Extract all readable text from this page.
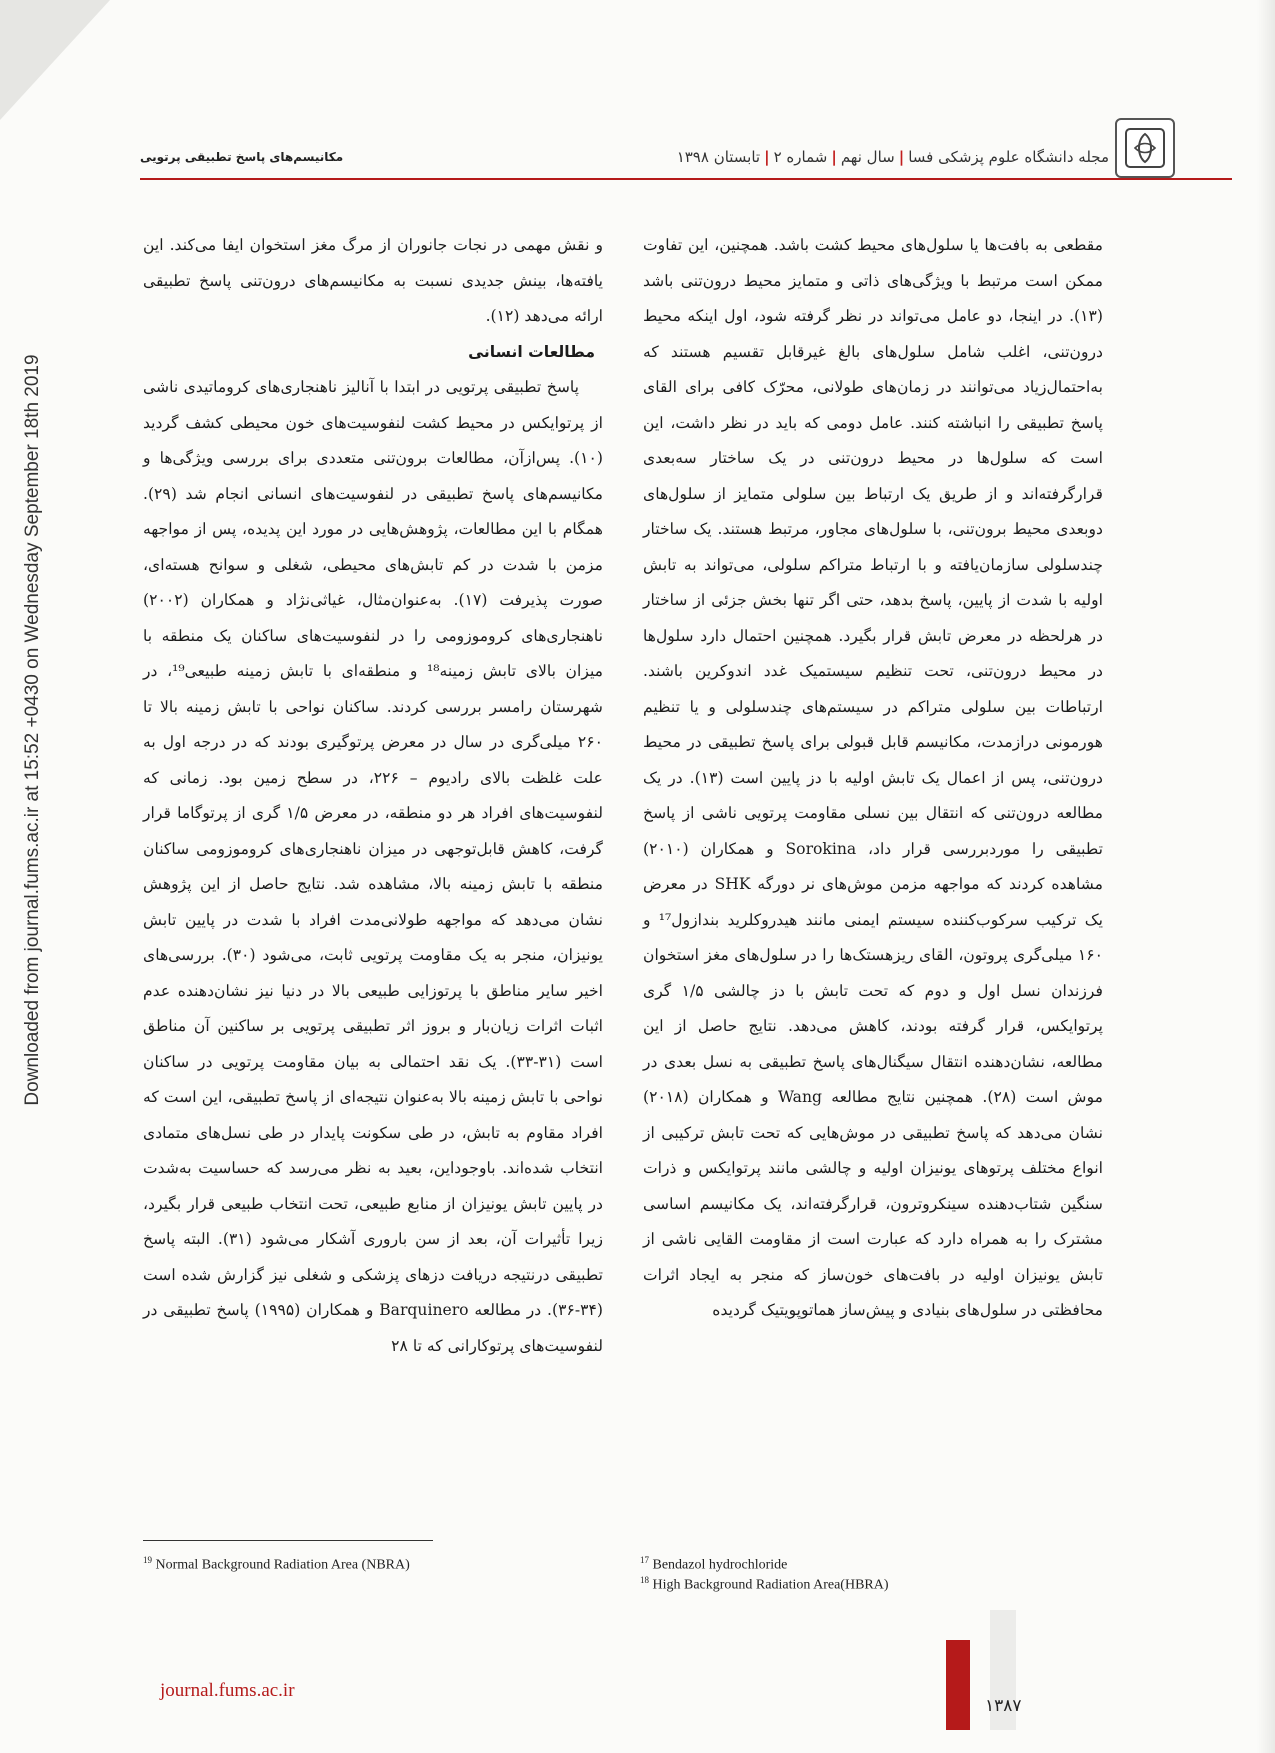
مجله دانشگاه علوم پزشکی فسا|سال نهم|شماره ۲|تابستان ۱۳۹۸
مکانیسم‌های پاسخ تطبیقی پرتویی

مقطعی به بافت‌ها یا سلول‌های محیط کشت باشد. همچنین، این تفاوت ممکن است مرتبط با ویژگی‌های ذاتی و متمایز محیط درون‌تنی باشد (۱۳). در اینجا، دو عامل می‌تواند در نظر گرفته شود، اول اینکه محیط درون‌تنی، اغلب شامل سلول‌های بالغ غیرقابل تقسیم هستند که به‌احتمال‌زیاد می‌توانند در زمان‌های طولانی، محرّک کافی برای القای پاسخ تطبیقی را انباشته کنند. عامل دومی که باید در نظر داشت، این است که سلول‌ها در محیط درون‌تنی در یک ساختار سه‌بعدی قرارگرفته‌اند و از طریق یک ارتباط بین سلولی متمایز از سلول‌های دوبعدی محیط برون‌تنی، با سلول‌های مجاور، مرتبط هستند. یک ساختار چندسلولی سازمان‌یافته و با ارتباط متراکم سلولی، می‌تواند به تابش اولیه با شدت از پایین، پاسخ بدهد، حتی اگر تنها بخش جزئی از ساختار در هرلحظه در معرض تابش قرار بگیرد. همچنین احتمال دارد سلول‌ها در محیط درون‌تنی، تحت تنظیم سیستمیک غدد اندوکرین باشند. ارتباطات بین سلولی متراکم در سیستم‌های چندسلولی و یا تنظیم هورمونی درازمدت، مکانیسم قابل قبولی برای پاسخ تطبیقی در محیط درون‌تنی، پس از اعمال یک تابش اولیه با دز پایین است (۱۳). در یک مطالعه درون‌تنی که انتقال بین نسلی مقاومت پرتویی ناشی از پاسخ تطبیقی را موردبررسی قرار داد، Sorokina و همکاران (۲۰۱۰) مشاهده کردند که مواجهه مزمن موش‌های نر دورگه SHK در معرض یک ترکیب سرکوب‌کننده سیستم ایمنی مانند هیدروکلرید بندازول¹⁷ و ۱۶۰ میلی‌گری پروتون، القای ریزهستک‌ها را در سلول‌های مغز استخوان فرزندان نسل اول و دوم که تحت تابش با دز چالشی ۱/۵ گری پرتوایکس، قرار گرفته بودند، کاهش می‌دهد. نتایج حاصل از این مطالعه، نشان‌دهنده انتقال سیگنال‌های پاسخ تطبیقی به نسل بعدی در موش است (۲۸). همچنین نتایج مطالعه Wang و همکاران (۲۰۱۸) نشان می‌دهد که پاسخ تطبیقی در موش‌هایی که تحت تابش ترکیبی از انواع مختلف پرتوهای یونیزان اولیه و چالشی مانند پرتوایکس و ذرات سنگین شتاب‌دهنده سینکروترون، قرارگرفته‌اند، یک مکانیسم اساسی مشترک را به همراه دارد که عبارت است از مقاومت القایی ناشی از تابش یونیزان اولیه در بافت‌های خون‌ساز که منجر به ایجاد اثرات محافظتی در سلول‌های بنیادی و پیش‌ساز هماتوپویتیک گردیده

و نقش مهمی در نجات جانوران از مرگ مغز استخوان ایفا می‌کند. این یافته‌ها، بینش جدیدی نسبت به مکانیسم‌های درون‌تنی پاسخ تطبیقی ارائه می‌دهد (۱۲).

مطالعات انسانی

پاسخ تطبیقی پرتویی در ابتدا با آنالیز ناهنجاری‌های کروماتیدی ناشی از پرتوایکس در محیط کشت لنفوسیت‌های خون محیطی کشف گردید (۱۰). پس‌ازآن، مطالعات برون‌تنی متعددی برای بررسی ویژگی‌ها و مکانیسم‌های پاسخ تطبیقی در لنفوسیت‌های انسانی انجام شد (۲۹). همگام با این مطالعات، پژوهش‌هایی در مورد این پدیده، پس از مواجهه مزمن با شدت در کم تابش‌های محیطی، شغلی و سوانح هسته‌ای، صورت پذیرفت (۱۷). به‌عنوان‌مثال، غیاثی‌نژاد و همکاران (۲۰۰۲) ناهنجاری‌های کروموزومی را در لنفوسیت‌های ساکنان یک منطقه با میزان بالای تابش زمینه¹⁸ و منطقه‌ای با تابش زمینه طبیعی¹⁹، در شهرستان رامسر بررسی کردند. ساکنان نواحی با تابش زمینه بالا تا ۲۶۰ میلی‌گری در سال در معرض پرتوگیری بودند که در درجه اول به علت غلظت بالای رادیوم – ۲۲۶، در سطح زمین بود. زمانی که لنفوسیت‌های افراد هر دو منطقه، در معرض ۱/۵ گری از پرتوگاما قرار گرفت، کاهش قابل‌توجهی در میزان ناهنجاری‌های کروموزومی ساکنان منطقه با تابش زمینه بالا، مشاهده شد. نتایج حاصل از این پژوهش نشان می‌دهد که مواجهه طولانی‌مدت افراد با شدت در پایین تابش یونیزان، منجر به یک مقاومت پرتویی ثابت، می‌شود (۳۰). بررسی‌های اخیر سایر مناطق با پرتوزایی طبیعی بالا در دنیا نیز نشان‌دهنده عدم اثبات اثرات زیان‌بار و بروز اثر تطبیقی پرتویی بر ساکنین آن مناطق است (۳۱-۳۳). یک نقد احتمالی به بیان مقاومت پرتویی در ساکنان نواحی با تابش زمینه بالا به‌عنوان نتیجه‌ای از پاسخ تطبیقی، این است که افراد مقاوم به تابش، در طی سکونت پایدار در طی نسل‌های متمادی انتخاب شده‌اند. باوجوداین، بعید به نظر می‌رسد که حساسیت به‌شدت در پایین تابش یونیزان از منابع طبیعی، تحت انتخاب طبیعی قرار بگیرد، زیرا تأثیرات آن، بعد از سن باروری آشکار می‌شود (۳۱). البته پاسخ تطبیقی درنتیجه دریافت دزهای پزشکی و شغلی نیز گزارش شده است (۳۴-۳۶). در مطالعه Barquinero و همکاران (۱۹۹۵) پاسخ تطبیقی در لنفوسیت‌های پرتوکارانی که تا ۲۸

$^{19}$ Normal Background Radiation Area (NBRA)	$^{17}$ Bendazol hydrochloride
$^{18}$ High Background Radiation Area(HBRA)
Downloaded from journal.fums.ac.ir at 15:52 +0430 on Wednesday September 18th 2019
journal.fums.ac.ir
۱۳۸۷
